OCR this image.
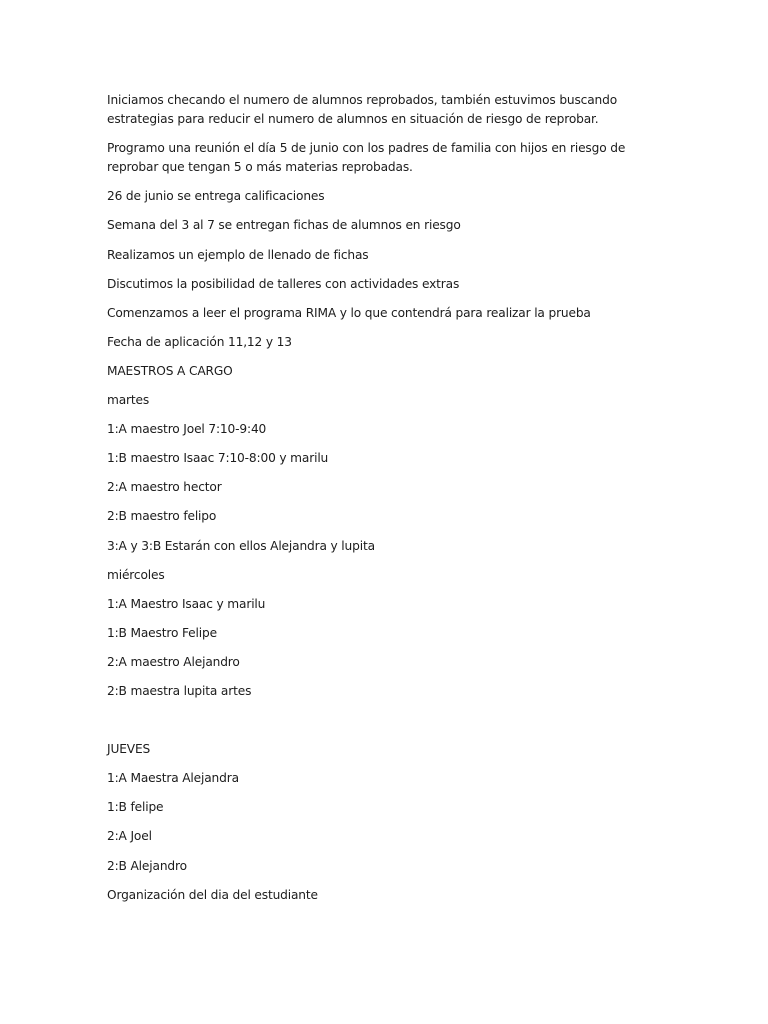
Iniciamos checando el numero de alumnos reprobados, también estuvimos buscando estrategias para reducir el numero de alumnos en situación de riesgo de reprobar.

Programo una reunión el día 5 de junio con los padres de familia con hijos en riesgo de reprobar que tengan 5 o más materias reprobadas.

26 de junio se entrega calificaciones

Semana del 3 al 7 se entregan fichas de alumnos en riesgo

Realizamos un ejemplo de llenado de fichas

Discutimos la posibilidad de talleres con actividades extras

Comenzamos a leer el programa RIMA y lo que contendrá para realizar la prueba

Fecha de aplicación 11,12 y 13

MAESTROS A CARGO

martes

1:A maestro Joel 7:10-9:40

1:B maestro Isaac 7:10-8:00 y marilu

2:A maestro hector

2:B maestro felipo

3:A y 3:B Estarán con ellos Alejandra y lupita

miércoles

1:A Maestro Isaac y marilu

1:B Maestro Felipe

2:A maestro Alejandro

2:B maestra lupita artes

JUEVES

1:A Maestra Alejandra

1:B felipe

2:A Joel

2:B Alejandro

Organización del dia del estudiante
